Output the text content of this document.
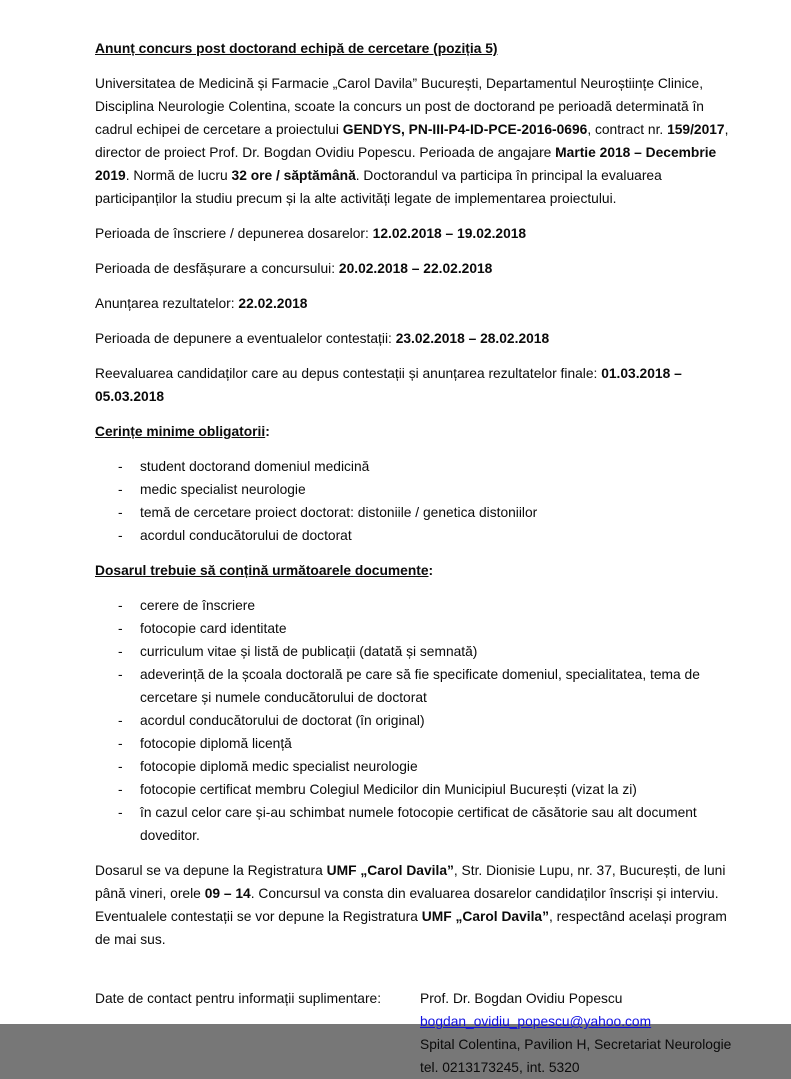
Anunț concurs post doctorand echipă de cercetare (poziția 5)

Universitatea de Medicină și Farmacie „Carol Davila” București, Departamentul Neuroștiințe Clinice, Disciplina Neurologie Colentina, scoate la concurs un post de doctorand pe perioadă determinată în cadrul echipei de cercetare a proiectului GENDYS, PN-III-P4-ID-PCE-2016-0696, contract nr. 159/2017, director de proiect Prof. Dr. Bogdan Ovidiu Popescu. Perioada de angajare Martie 2018 – Decembrie 2019. Normă de lucru 32 ore / săptămână. Doctorandul va participa în principal la evaluarea participanților la studiu precum și la alte activități legate de implementarea proiectului.

Perioada de înscriere / depunerea dosarelor: 12.02.2018 – 19.02.2018

Perioada de desfășurare a concursului: 20.02.2018 – 22.02.2018

Anunțarea rezultatelor: 22.02.2018

Perioada de depunere a eventualelor contestații: 23.02.2018 – 28.02.2018

Reevaluarea candidaților care au depus contestații și anunțarea rezultatelor finale: 01.03.2018 – 05.03.2018

Cerințe minime obligatorii:

- student doctorand domeniul medicină
- medic specialist neurologie
- temă de cercetare proiect doctorat: distoniile / genetica distoniilor
- acordul conducătorului de doctorat

Dosarul trebuie să conțină următoarele documente:

- cerere de înscriere
- fotocopie card identitate
- curriculum vitae și listă de publicații (datată și semnată)
- adeverință de la școala doctorală pe care să fie specificate domeniul, specialitatea, tema de cercetare și numele conducătorului de doctorat
- acordul conducătorului de doctorat (în original)
- fotocopie diplomă licență
- fotocopie diplomă medic specialist neurologie
- fotocopie certificat membru Colegiul Medicilor din Municipiul București (vizat la zi)
- în cazul celor care și-au schimbat numele fotocopie certificat de căsătorie sau alt document doveditor.

Dosarul se va depune la Registratura UMF „Carol Davila”, Str. Dionisie Lupu, nr. 37, București, de luni până vineri, orele 09 – 14. Concursul va consta din evaluarea dosarelor candidaților înscriși și interviu. Eventualele contestații se vor depune la Registratura UMF „Carol Davila”, respectând același program de mai sus.

Date de contact pentru informații suplimentare:	Prof. Dr. Bogdan Ovidiu Popescu
bogdan_ovidiu_popescu@yahoo.com
Spital Colentina, Pavilion H, Secretariat Neurologie
tel. 0213173245, int. 5320
